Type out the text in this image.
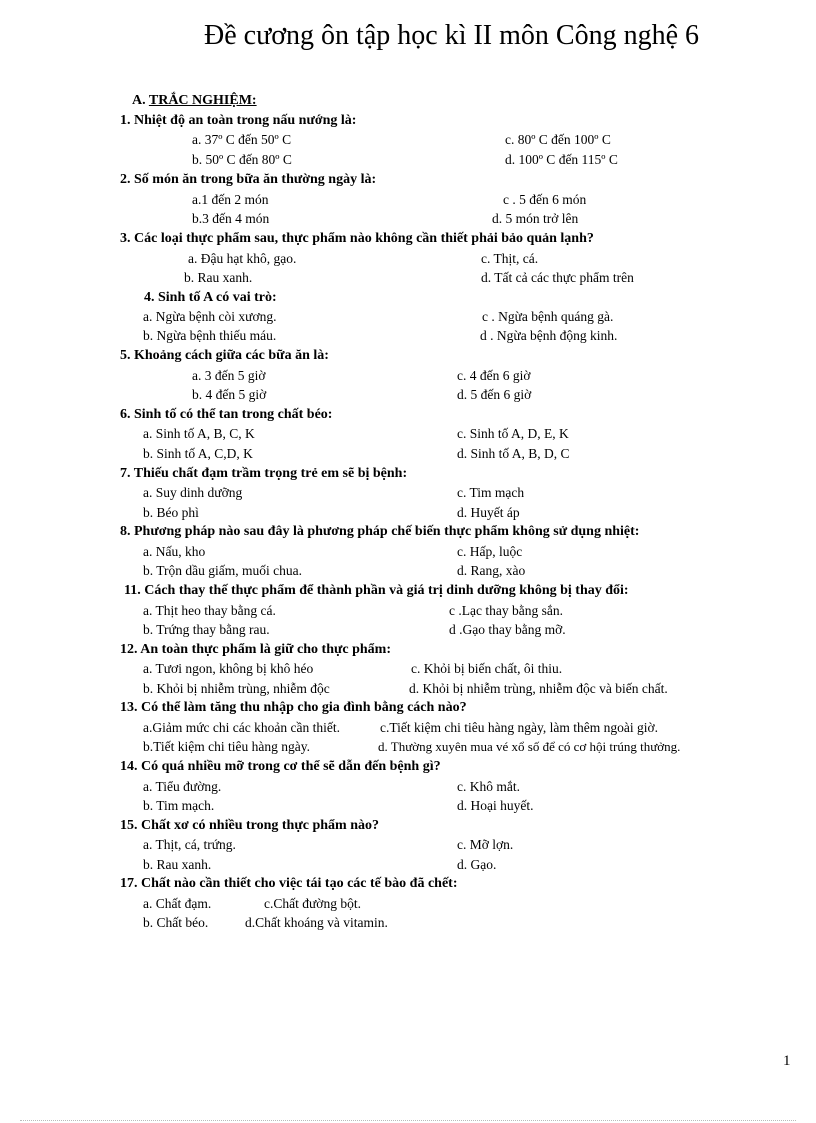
Đề cương ôn tập học kì II môn Công nghệ 6
A. TRẮC NGHIỆM:
1. Nhiệt độ an toàn trong nấu nướng là:
a. 37º C đến 50º C	c. 80º C đến 100º C
b. 50º C đến 80º C	d. 100º C đến 115º C
2. Số món ăn trong bữa ăn thường ngày là:
a.1 đến 2 món	c . 5 đến 6 món
b.3 đến 4 món	d. 5 món trở lên
3. Các loại thực phẩm sau, thực phẩm nào không cần thiết phải bảo quản lạnh?
a. Đậu hạt khô, gạo.	c. Thịt, cá.
b. Rau xanh.	d. Tất cả các thực phẩm trên
4. Sinh tố A có vai trò:
a. Ngừa bệnh còi xương.	c . Ngừa bệnh quáng gà.
b. Ngừa bệnh thiếu máu.	d . Ngừa bệnh động kinh.
5. Khoảng cách giữa các bữa ăn là:
a. 3 đến 5 giờ	c. 4 đến 6 giờ
b. 4 đến 5 giờ	d. 5 đến 6 giờ
6. Sinh tố có thể tan trong chất béo:
a. Sinh tố A, B, C, K	c. Sinh tố A, D, E, K
b. Sinh tố A, C,D, K	d. Sinh tố A, B, D, C
7. Thiếu chất đạm trầm trọng trẻ em sẽ bị bệnh:
a. Suy dinh dưỡng	c. Tim mạch
b. Béo phì	d. Huyết áp
8. Phương pháp nào sau đây là phương pháp chế biến thực phẩm không sử dụng nhiệt:
a. Nấu, kho	c. Hấp, luộc
b. Trộn dầu giấm, muối chua.	d. Rang, xào
11. Cách thay thế thực phẩm để thành phần và giá trị dinh dưỡng không bị thay đổi:
a. Thịt heo thay bằng cá.	c .Lạc thay bằng sắn.
b. Trứng thay bằng rau.	d .Gạo thay bằng mỡ.
12. An toàn thực phẩm là giữ cho thực phẩm:
a. Tươi ngon, không bị khô héo	c. Khỏi bị biến chất, ôi thiu.
b. Khỏi bị nhiễm trùng, nhiễm độc	d. Khỏi bị nhiễm trùng, nhiễm độc và biến chất.
13. Có thể làm tăng thu nhập cho gia đình bằng cách nào?
a.Giảm mức chi các khoản cần thiết.	c.Tiết kiệm chi tiêu hàng ngày, làm thêm ngoài giờ.
b.Tiết kiệm chi tiêu hàng ngày.	d. Thường xuyên mua vé xổ số để có cơ hội trúng thưởng.
14. Có quá nhiều mỡ trong cơ thể sẽ dẫn đến bệnh gì?
a. Tiểu đường.	c. Khô mắt.
b. Tim mạch.	d. Hoại huyết.
15. Chất xơ có nhiều trong thực phẩm nào?
a. Thịt, cá, trứng.	c. Mỡ lợn.
b. Rau xanh.	d. Gạo.
17. Chất nào cần thiết cho việc tái tạo các tế bào đã chết:
a. Chất đạm.	c.Chất đường bột.
b. Chất béo.	d.Chất khoáng và vitamin.
1
